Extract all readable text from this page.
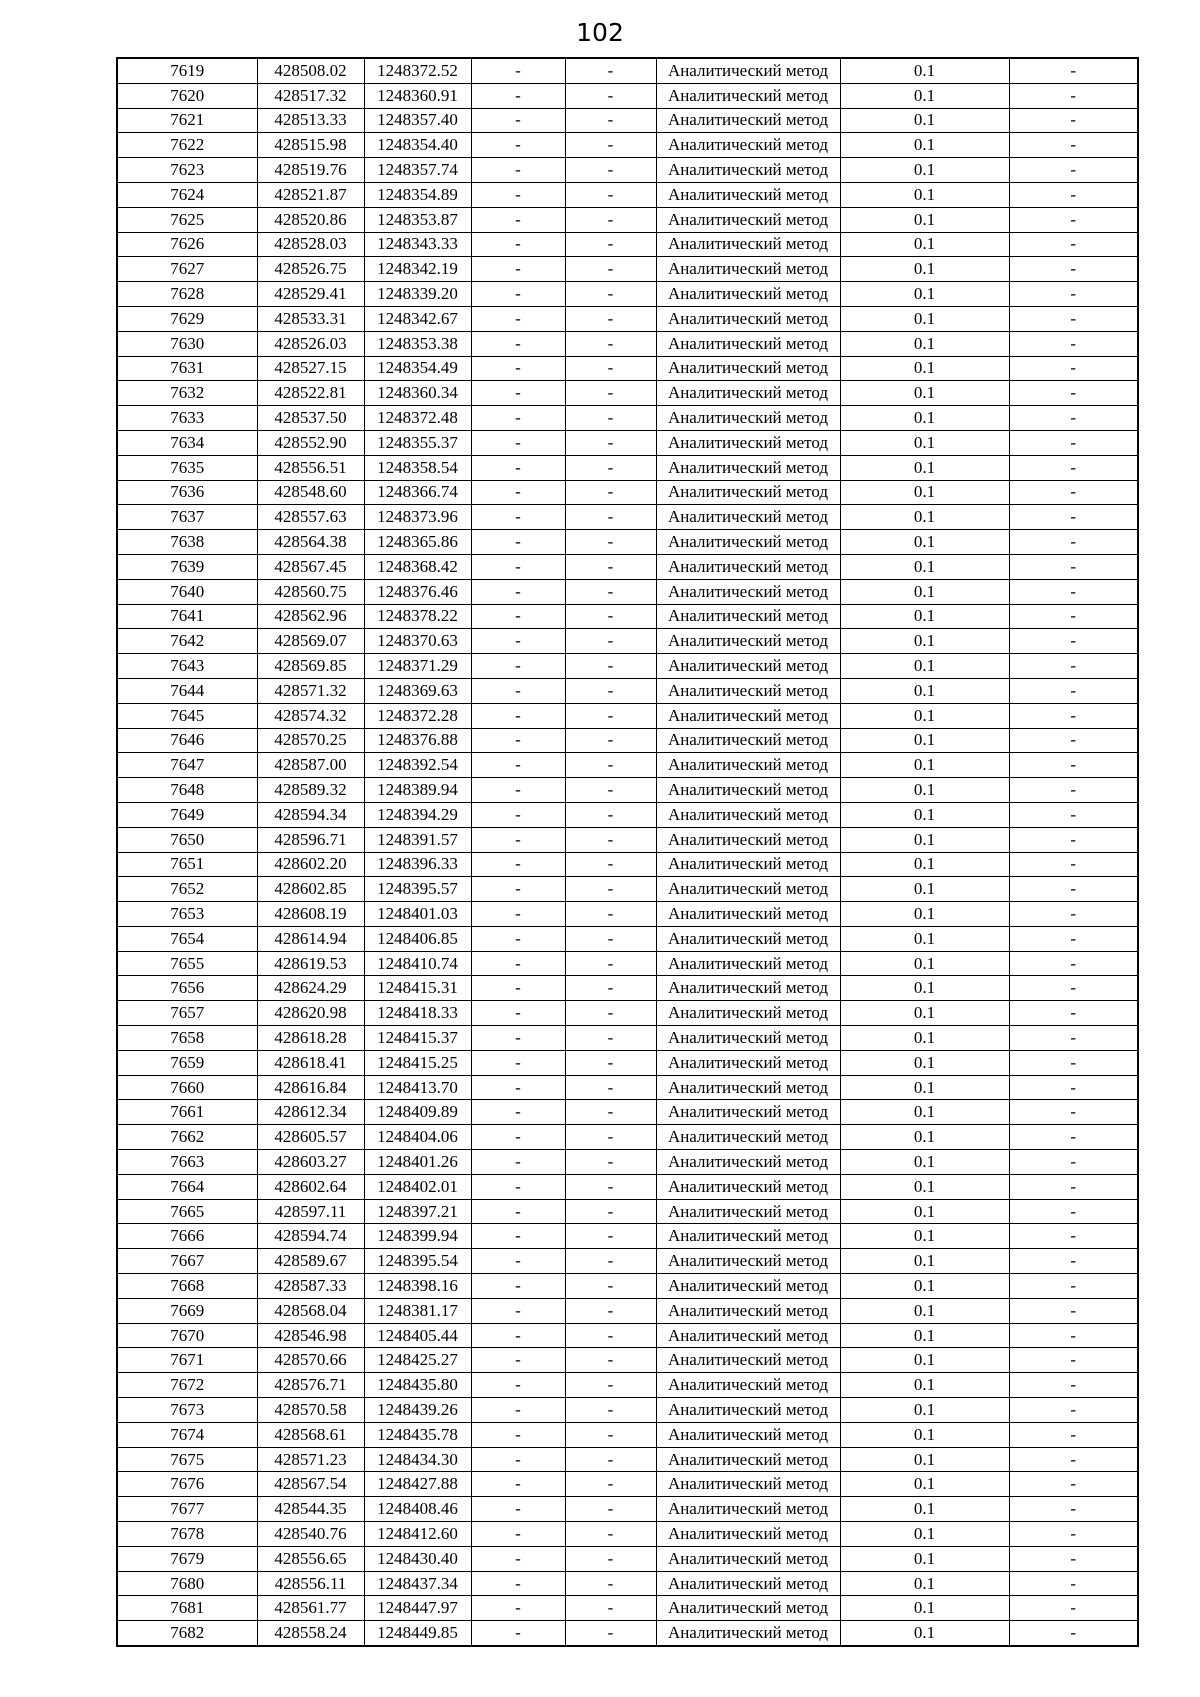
102
7619	428508.02	1248372.52	-	-	Аналитический метод	0.1	-
7620	428517.32	1248360.91	-	-	Аналитический метод	0.1	-
7621	428513.33	1248357.40	-	-	Аналитический метод	0.1	-
7622	428515.98	1248354.40	-	-	Аналитический метод	0.1	-
7623	428519.76	1248357.74	-	-	Аналитический метод	0.1	-
7624	428521.87	1248354.89	-	-	Аналитический метод	0.1	-
7625	428520.86	1248353.87	-	-	Аналитический метод	0.1	-
7626	428528.03	1248343.33	-	-	Аналитический метод	0.1	-
7627	428526.75	1248342.19	-	-	Аналитический метод	0.1	-
7628	428529.41	1248339.20	-	-	Аналитический метод	0.1	-
7629	428533.31	1248342.67	-	-	Аналитический метод	0.1	-
7630	428526.03	1248353.38	-	-	Аналитический метод	0.1	-
7631	428527.15	1248354.49	-	-	Аналитический метод	0.1	-
7632	428522.81	1248360.34	-	-	Аналитический метод	0.1	-
7633	428537.50	1248372.48	-	-	Аналитический метод	0.1	-
7634	428552.90	1248355.37	-	-	Аналитический метод	0.1	-
7635	428556.51	1248358.54	-	-	Аналитический метод	0.1	-
7636	428548.60	1248366.74	-	-	Аналитический метод	0.1	-
7637	428557.63	1248373.96	-	-	Аналитический метод	0.1	-
7638	428564.38	1248365.86	-	-	Аналитический метод	0.1	-
7639	428567.45	1248368.42	-	-	Аналитический метод	0.1	-
7640	428560.75	1248376.46	-	-	Аналитический метод	0.1	-
7641	428562.96	1248378.22	-	-	Аналитический метод	0.1	-
7642	428569.07	1248370.63	-	-	Аналитический метод	0.1	-
7643	428569.85	1248371.29	-	-	Аналитический метод	0.1	-
7644	428571.32	1248369.63	-	-	Аналитический метод	0.1	-
7645	428574.32	1248372.28	-	-	Аналитический метод	0.1	-
7646	428570.25	1248376.88	-	-	Аналитический метод	0.1	-
7647	428587.00	1248392.54	-	-	Аналитический метод	0.1	-
7648	428589.32	1248389.94	-	-	Аналитический метод	0.1	-
7649	428594.34	1248394.29	-	-	Аналитический метод	0.1	-
7650	428596.71	1248391.57	-	-	Аналитический метод	0.1	-
7651	428602.20	1248396.33	-	-	Аналитический метод	0.1	-
7652	428602.85	1248395.57	-	-	Аналитический метод	0.1	-
7653	428608.19	1248401.03	-	-	Аналитический метод	0.1	-
7654	428614.94	1248406.85	-	-	Аналитический метод	0.1	-
7655	428619.53	1248410.74	-	-	Аналитический метод	0.1	-
7656	428624.29	1248415.31	-	-	Аналитический метод	0.1	-
7657	428620.98	1248418.33	-	-	Аналитический метод	0.1	-
7658	428618.28	1248415.37	-	-	Аналитический метод	0.1	-
7659	428618.41	1248415.25	-	-	Аналитический метод	0.1	-
7660	428616.84	1248413.70	-	-	Аналитический метод	0.1	-
7661	428612.34	1248409.89	-	-	Аналитический метод	0.1	-
7662	428605.57	1248404.06	-	-	Аналитический метод	0.1	-
7663	428603.27	1248401.26	-	-	Аналитический метод	0.1	-
7664	428602.64	1248402.01	-	-	Аналитический метод	0.1	-
7665	428597.11	1248397.21	-	-	Аналитический метод	0.1	-
7666	428594.74	1248399.94	-	-	Аналитический метод	0.1	-
7667	428589.67	1248395.54	-	-	Аналитический метод	0.1	-
7668	428587.33	1248398.16	-	-	Аналитический метод	0.1	-
7669	428568.04	1248381.17	-	-	Аналитический метод	0.1	-
7670	428546.98	1248405.44	-	-	Аналитический метод	0.1	-
7671	428570.66	1248425.27	-	-	Аналитический метод	0.1	-
7672	428576.71	1248435.80	-	-	Аналитический метод	0.1	-
7673	428570.58	1248439.26	-	-	Аналитический метод	0.1	-
7674	428568.61	1248435.78	-	-	Аналитический метод	0.1	-
7675	428571.23	1248434.30	-	-	Аналитический метод	0.1	-
7676	428567.54	1248427.88	-	-	Аналитический метод	0.1	-
7677	428544.35	1248408.46	-	-	Аналитический метод	0.1	-
7678	428540.76	1248412.60	-	-	Аналитический метод	0.1	-
7679	428556.65	1248430.40	-	-	Аналитический метод	0.1	-
7680	428556.11	1248437.34	-	-	Аналитический метод	0.1	-
7681	428561.77	1248447.97	-	-	Аналитический метод	0.1	-
7682	428558.24	1248449.85	-	-	Аналитический метод	0.1	-
